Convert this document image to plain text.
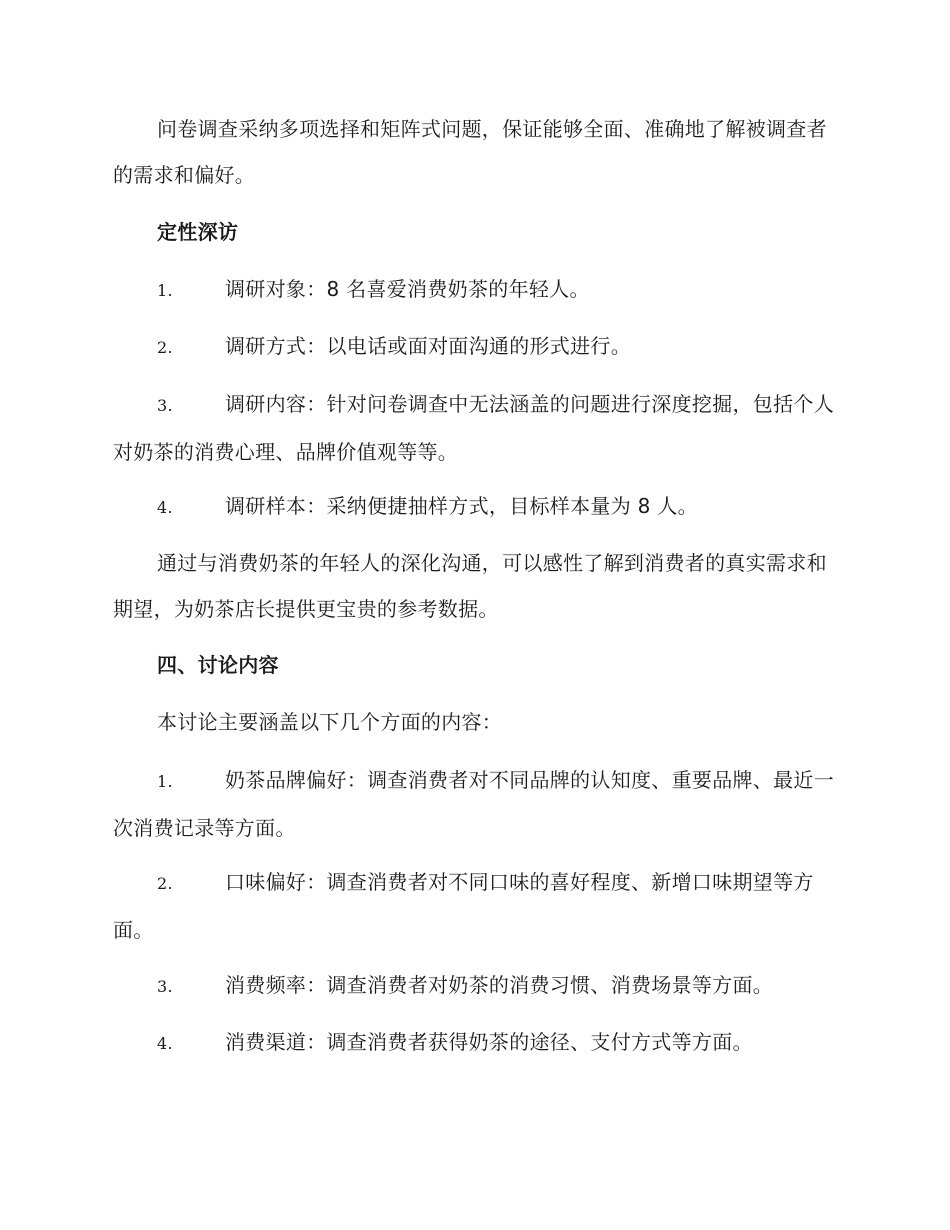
问卷调查采纳多项选择和矩阵式问题，保证能够全面、准确地了解被调查者的需求和偏好。
定性深访
1.	调研对象：8 名喜爱消费奶茶的年轻人。
2.	调研方式：以电话或面对面沟通的形式进行。
3.	调研内容：针对问卷调查中无法涵盖的问题进行深度挖掘，包括个人对奶茶的消费心理、品牌价值观等等。
4.	调研样本：采纳便捷抽样方式，目标样本量为 8 人。
通过与消费奶茶的年轻人的深化沟通，可以感性了解到消费者的真实需求和期望，为奶茶店长提供更宝贵的参考数据。
四、讨论内容
本讨论主要涵盖以下几个方面的内容：
1.	奶茶品牌偏好：调查消费者对不同品牌的认知度、重要品牌、最近一次消费记录等方面。
2.	口味偏好：调查消费者对不同口味的喜好程度、新增口味期望等方面。
3.	消费频率：调查消费者对奶茶的消费习惯、消费场景等方面。
4.	消费渠道：调查消费者获得奶茶的途径、支付方式等方面。
